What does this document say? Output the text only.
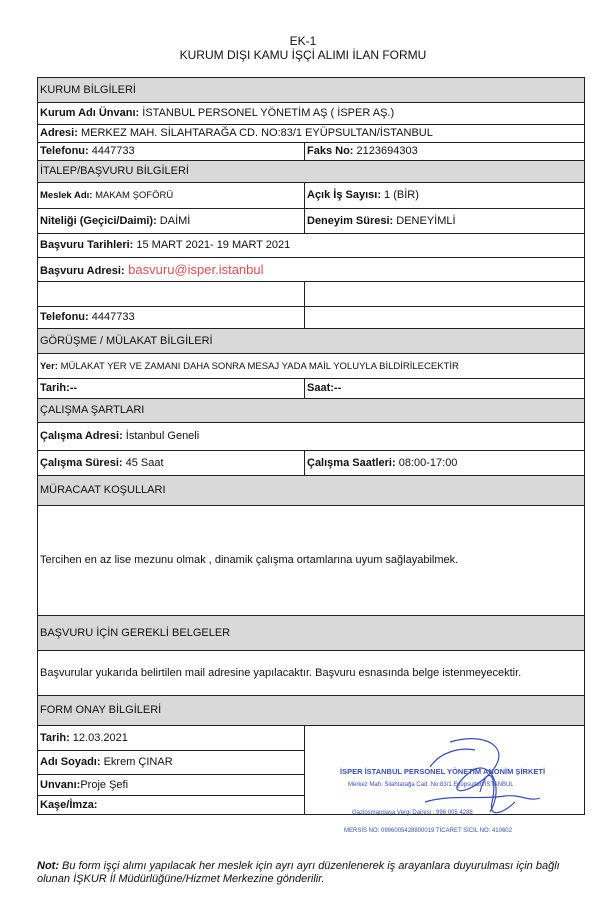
EK-1
KURUM DIŞI KAMU İŞÇİ ALIMI İLAN FORMU
KURUM BİLGİLERİ	
Kurum Adı Ünvanı: İSTANBUL PERSONEL YÖNETİM AŞ ( İSPER AŞ.)	
Adresi: MERKEZ MAH. SİLAHTARAĞA CD. NO:83/1 EYÜPSULTAN/İSTANBUL	
Telefonu: 4447733	Faks No: 2123694303
İTALEP/BAŞVURU BİLGİLERİ	
Meslek Adı: MAKAM ŞOFÖRÜ	Açık İş Sayısı: 1 (BİR)
Niteliği (Geçici/Daimi): DAİMİ	Deneyim Süresi: DENEYİMLİ
Başvuru Tarihleri: 15 MART 2021- 19 MART 2021	
Başvuru Adresi: basvuru@isper.istanbul	

Telefonu: 4447733	
GÖRÜŞME / MÜLAKAT BİLGİLERİ	
Yer: MÜLAKAT YER VE ZAMANI DAHA SONRA MESAJ YADA MAİL YOLUYLA BİLDİRİLECEKTİR	
Tarih:--	Saat:--
ÇALIŞMA ŞARTLARI	
Çalışma Adresi: İstanbul Geneli	
Çalışma Süresi: 45 Saat	Çalışma Saatleri: 08:00-17:00
MÜRACAAT KOŞULLARI	
Tercihen en az lise mezunu olmak , dinamik çalışma ortamlarına uyum sağlayabilmek.	
BAŞVURU İÇİN GEREKLİ BELGELER	
Başvurular yukarıda belirtilen mail adresine yapılacaktır. Başvuru esnasında belge istenmeyecektir.	
FORM ONAY BİLGİLERİ	
Tarih: 12.03.2021	
Adı Soyadı: Ekrem ÇINAR	
Unvanı:Proje Şefi	
Kaşe/İmza:	
İSPER İSTANBUL PERSONEL YÖNETİM ANONİM ŞİRKETİ
Merkez Mah. Silahtarağa Cad. No:83/1 Eyüpsultan/İSTANBUL
Gaziosmanpaşa Vergi Dairesi : 996 005 4288
MERSİS NO: 0996005428800019 TİCARET SİCİL NO: 410602
Not: Bu form işçi alımı yapılacak her meslek için ayrı ayrı düzenlenerek iş arayanlara duyurulması için bağlı olunan İŞKUR İl Müdürlüğüne/Hizmet Merkezine gönderilir.
